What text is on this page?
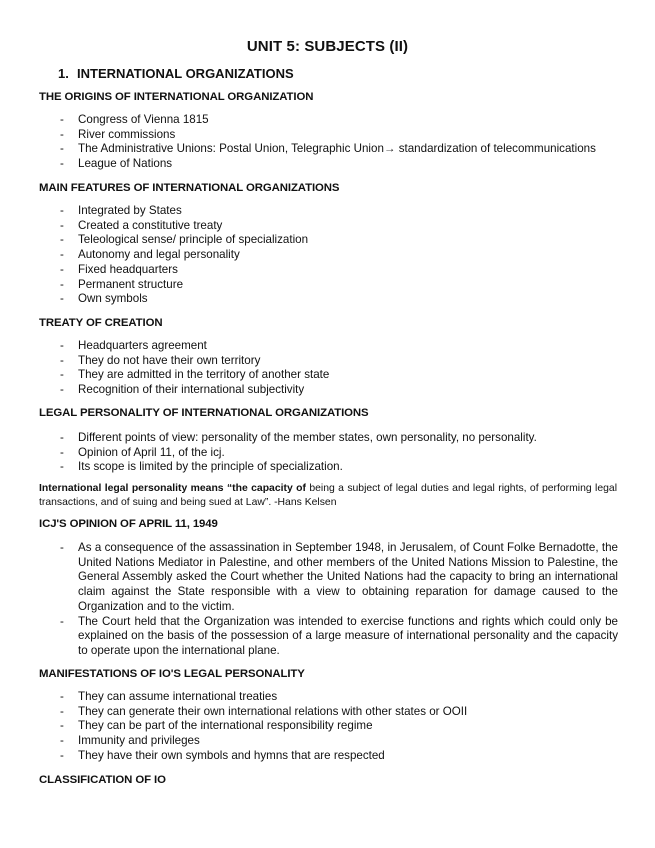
UNIT 5: SUBJECTS (II)
1. INTERNATIONAL ORGANIZATIONS
THE ORIGINS OF INTERNATIONAL ORGANIZATION
- Congress of Vienna 1815
- River commissions
- The Administrative Unions: Postal Union, Telegraphic Union→ standardization of telecommunications
- League of Nations
MAIN FEATURES OF INTERNATIONAL ORGANIZATIONS
- Integrated by States
- Created a constitutive treaty
- Teleological sense/ principle of specialization
- Autonomy and legal personality
- Fixed headquarters
- Permanent structure
- Own symbols
TREATY OF CREATION
- Headquarters agreement
- They do not have their own territory
- They are admitted in the territory of another state
- Recognition of their international subjectivity
LEGAL PERSONALITY OF INTERNATIONAL ORGANIZATIONS
- Different points of view: personality of the member states, own personality, no personality.
- Opinion of April 11, of the icj.
- Its scope is limited by the principle of specialization.
International legal personality means “the capacity of being a subject of legal duties and legal rights, of performing legal transactions, and of suing and being sued at Law”. -Hans Kelsen
ICJ'S OPINION OF APRIL 11, 1949
- As a consequence of the assassination in September 1948, in Jerusalem, of Count Folke Bernadotte, the United Nations Mediator in Palestine, and other members of the United Nations Mission to Palestine, the General Assembly asked the Court whether the United Nations had the capacity to bring an international claim against the State responsible with a view to obtaining reparation for damage caused to the Organization and to the victim.
- The Court held that the Organization was intended to exercise functions and rights which could only be explained on the basis of the possession of a large measure of international personality and the capacity to operate upon the international plane.
MANIFESTATIONS OF IO'S LEGAL PERSONALITY
- They can assume international treaties
- They can generate their own international relations with other states or OOII
- They can be part of the international responsibility regime
- Immunity and privileges
- They have their own symbols and hymns that are respected
CLASSIFICATION OF IO
